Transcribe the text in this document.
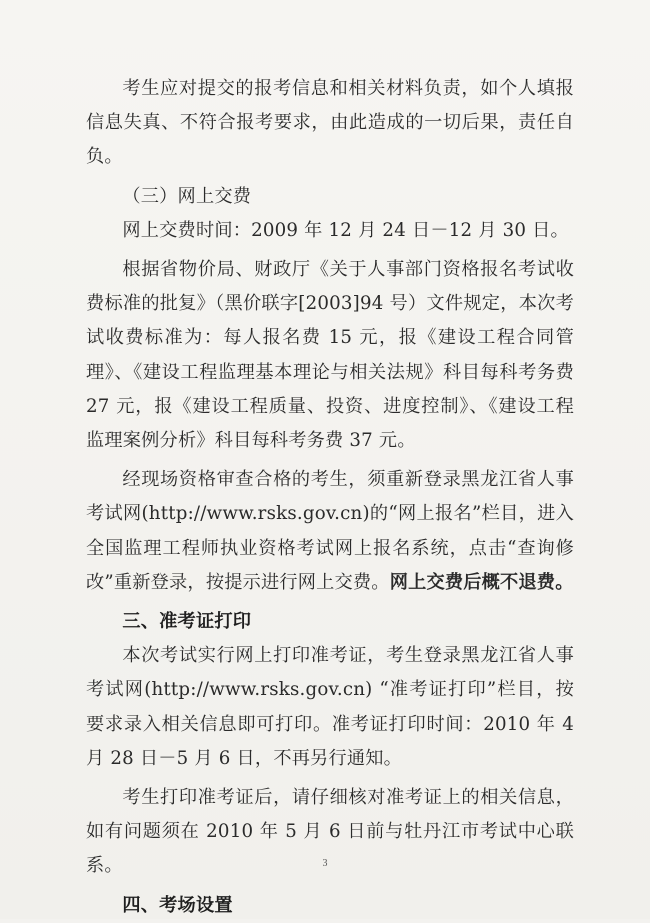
考生应对提交的报考信息和相关材料负责，如个人填报信息失真、不符合报考要求，由此造成的一切后果，责任自负。

（三）网上交费

网上交费时间：2009 年 12 月 24 日－12 月 30 日。

根据省物价局、财政厅《关于人事部门资格报名考试收费标准的批复》（黑价联字[2003]94 号）文件规定，本次考试收费标准为：每人报名费 15 元，报《建设工程合同管理》、《建设工程监理基本理论与相关法规》科目每科考务费 27 元，报《建设工程质量、投资、进度控制》、《建设工程监理案例分析》科目每科考务费 37 元。

经现场资格审查合格的考生，须重新登录黑龙江省人事考试网(http://www.rsks.gov.cn)的“网上报名”栏目，进入全国监理工程师执业资格考试网上报名系统，点击“查询修改”重新登录，按提示进行网上交费。网上交费后概不退费。

三、准考证打印

本次考试实行网上打印准考证，考生登录黑龙江省人事考试网(http://www.rsks.gov.cn) “准考证打印”栏目，按要求录入相关信息即可打印。准考证打印时间：2010 年 4 月 28 日－5 月 6 日，不再另行通知。

考生打印准考证后，请仔细核对准考证上的相关信息，如有问题须在 2010 年 5 月 6 日前与牡丹江市考试中心联系。

四、考场设置

3
